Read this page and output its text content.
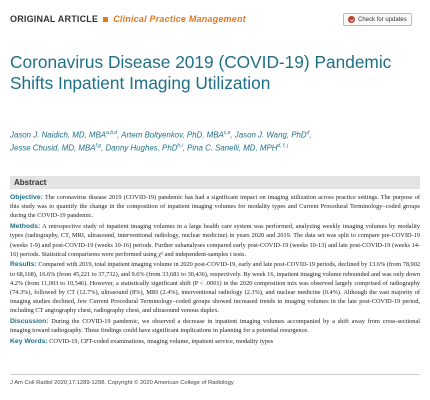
ORIGINAL ARTICLE Clinical Practice Management	Check for updates
Coronavirus Disease 2019 (COVID-19) Pandemic Shifts Inpatient Imaging Utilization
Jason J. Naidich, MD, MBA$^{a,b,d}$, Artem Boltyenkov, PhD, MBA$^{c,e}$, Jason J. Wang, PhD$^d$,
Jesse Chusid, MD, MBA$^{f,g}$, Danny Hughes, PhD$^{h,i}$, Pina C. Sanelli, MD, MPH$^{d, f, j}$
Abstract

Objective: The coronavirus disease 2019 (COVID-19) pandemic has had a significant impact on imaging utilization across practice settings. The purpose of this study was to quantify the change in the composition of inpatient imaging volumes for modality types and Current Procedural Terminology–coded groups during the COVID-19 pandemic.

Methods: A retrospective study of inpatient imaging volumes in a large health care system was performed, analyzing weekly imaging volumes by modality types (radiography, CT, MRI, ultrasound, interventional radiology, nuclear medicine) in years 2020 and 2019. The data set was split to compare pre-COVID-19 (weeks 1-9) and post-COVID-19 (weeks 10-16) periods. Further subanalyses compared early post-COVID-19 (weeks 10-13) and late post-COVID-19 (weeks 14-16) periods. Statistical comparisons were performed using χ² and independent-samples t tests.

Results: Compared with 2019, total inpatient imaging volume in 2020 post-COVID-19, early and late post-COVID-19 periods, declined by 13.6% (from 78,902 to 68,168), 16.6% (from 45,221 to 37,732), and 9.6% (from 33,681 to 30,436), respectively. By week 16, inpatient imaging volume rebounded and was only down 4.2% (from 11,003 to 10,546). However, a statistically significant shift (P < .0001) in the 2020 composition mix was observed largely comprised of radiography (74.3%), followed by CT (12.7%), ultrasound (8%), MRI (2.4%), interventional radiology (2.3%), and nuclear medicine (0.4%). Although the vast majority of imaging studies declined, few Current Procedural Terminology–coded groups showed increased trends in imaging volumes in the late post-COVID-19 period, including CT angiography chest, radiography chest, and ultrasound venous duplex.

Discussion: During the COVID-19 pandemic, we observed a decrease in inpatient imaging volumes accompanied by a shift away from cross-sectional imaging toward radiography. These findings could have significant implications in planning for a potential resurgence.

Key Words: COVID-19, CPT-coded examinations, imaging volume, inpatient service, modality types

J Am Coll Radiol 2020;17:1289-1298. Copyright © 2020 American College of Radiology
